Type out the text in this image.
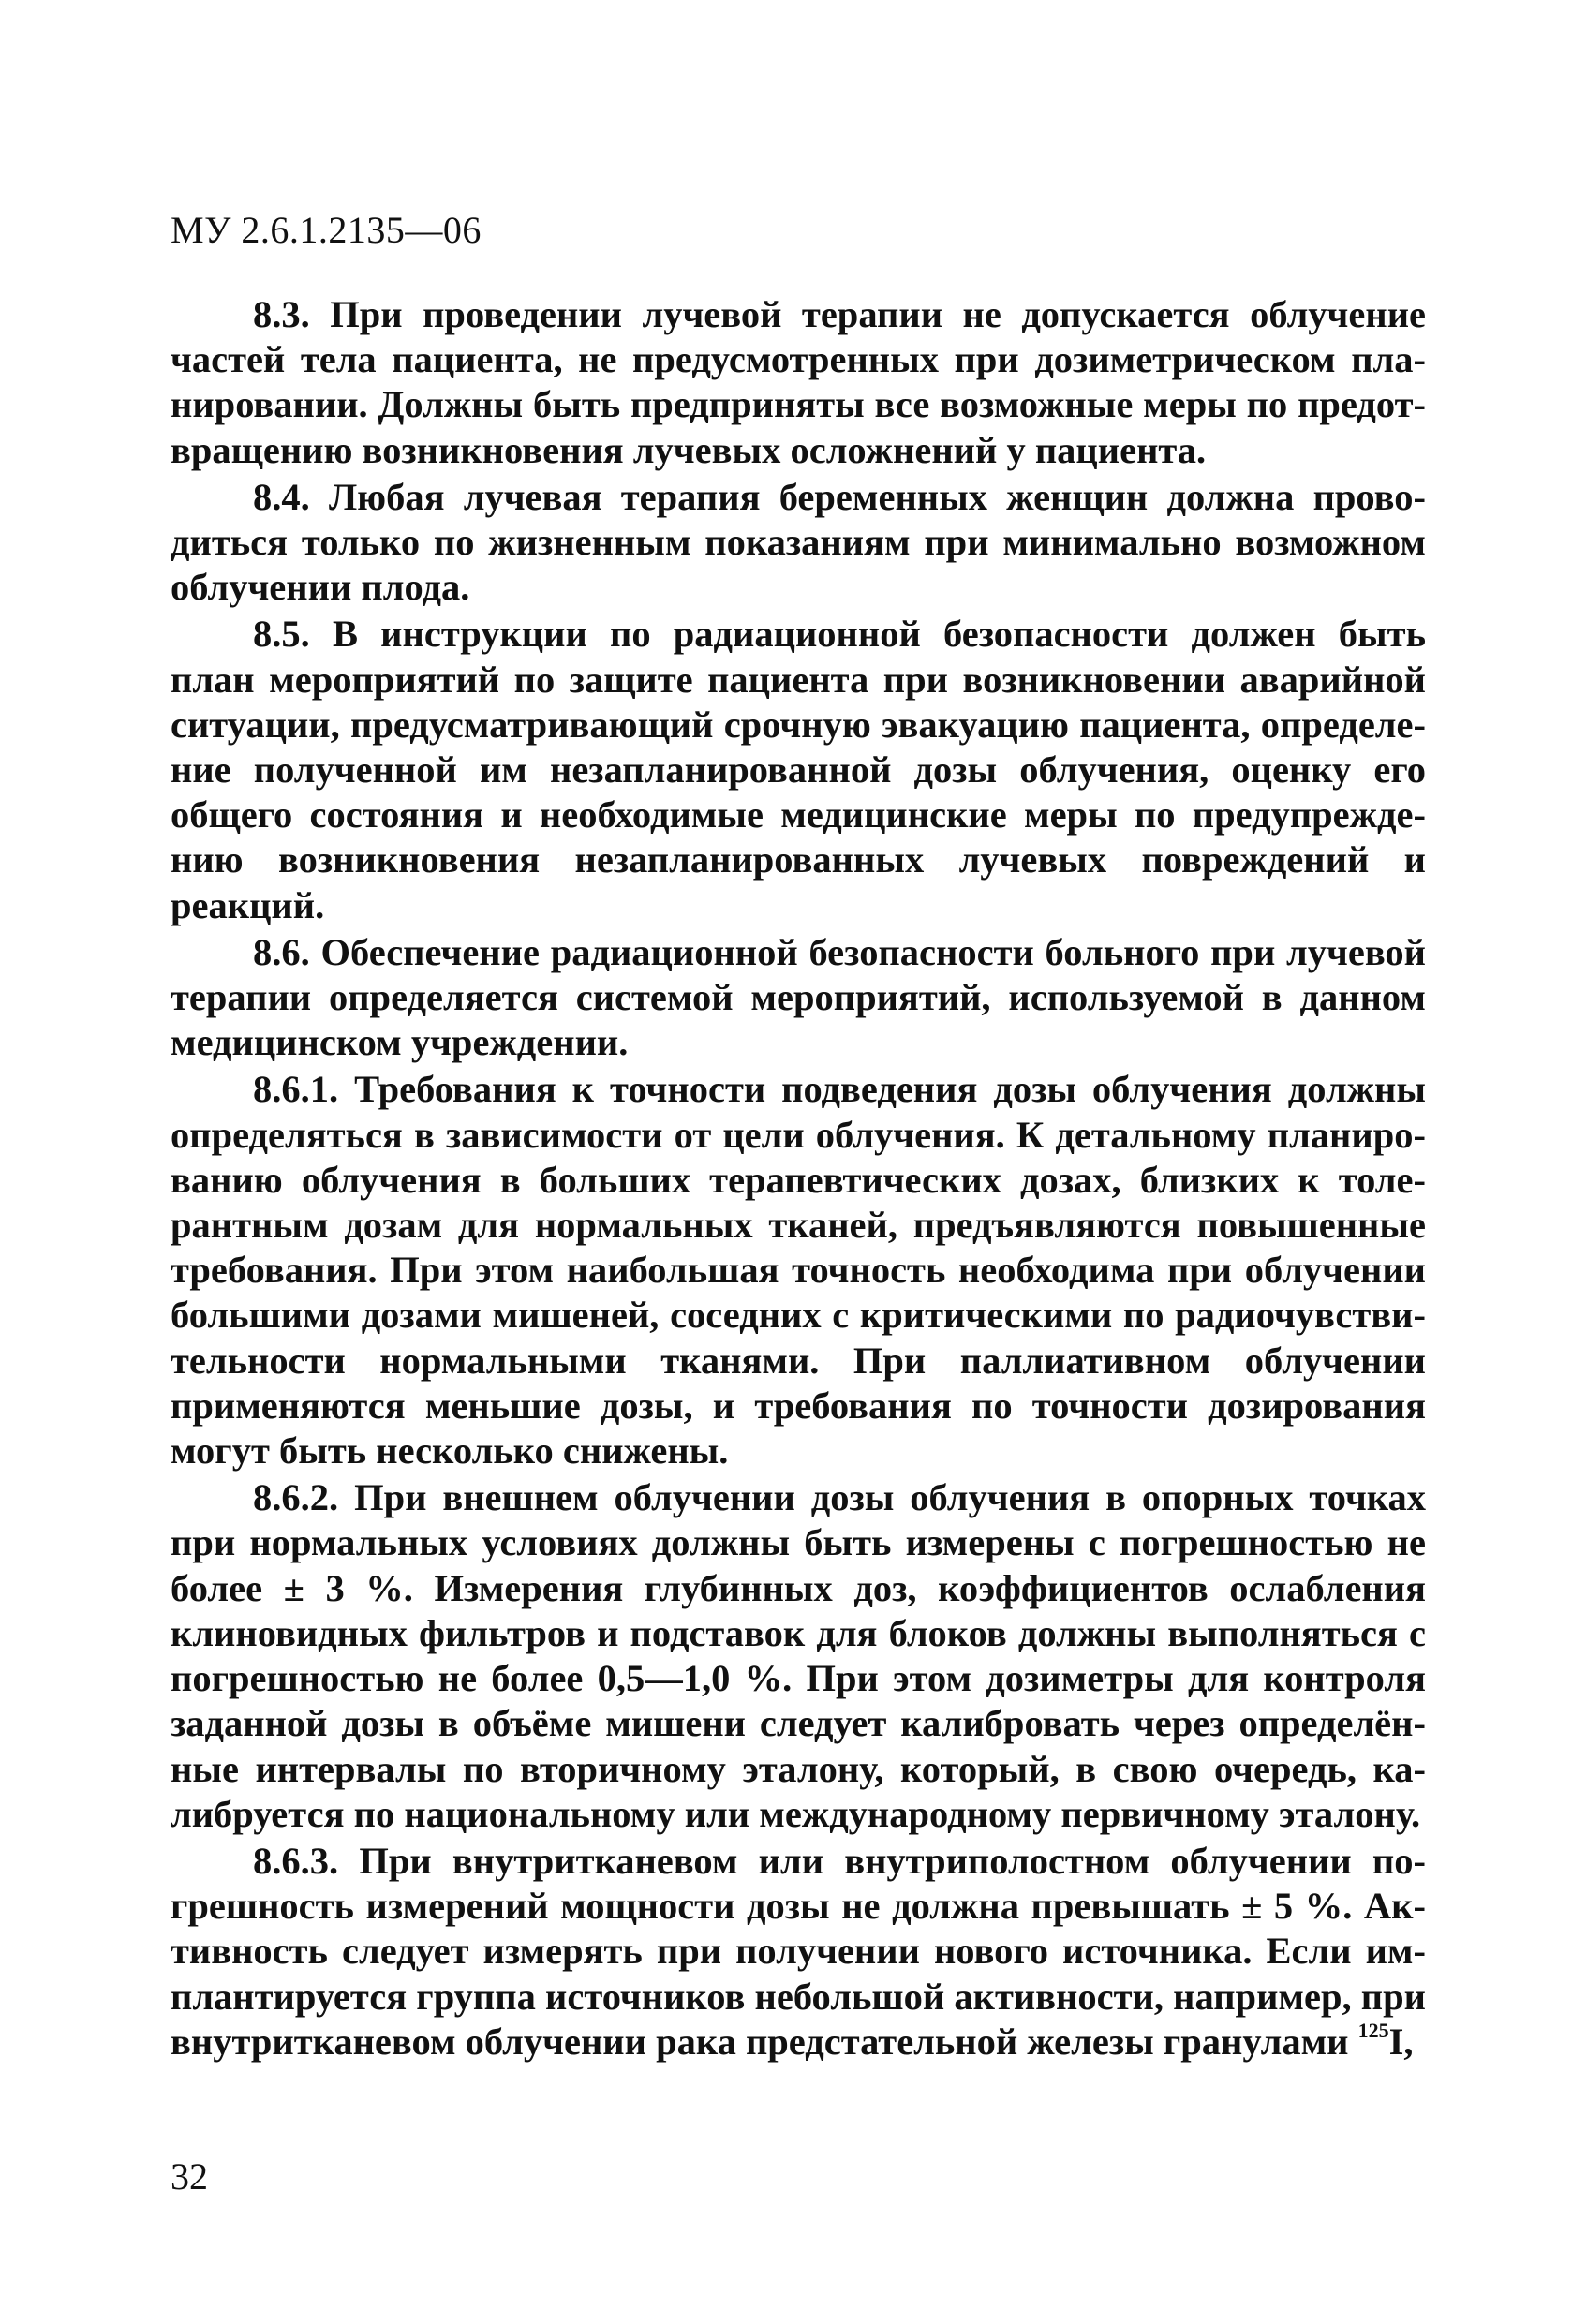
МУ 2.6.1.2135—06

8.3. При проведении лучевой терапии не допускается облучение частей тела пациента, не предусмотренных при дозиметрическом планировании. Должны быть предприняты все возможные меры по предотвращению возникновения лучевых осложнений у пациента.

8.4. Любая лучевая терапия беременных женщин должна проводиться только по жизненным показаниям при минимально возможном облучении плода.

8.5. В инструкции по радиационной безопасности должен быть план мероприятий по защите пациента при возникновении аварийной ситуации, предусматривающий срочную эвакуацию пациента, определение полученной им незапланированной дозы облучения, оценку его общего состояния и необходимые медицинские меры по предупреждению возникновения незапланированных лучевых повреждений и реакций.

8.6. Обеспечение радиационной безопасности больного при лучевой терапии определяется системой мероприятий, используемой в данном медицинском учреждении.

8.6.1. Требования к точности подведения дозы облучения должны определяться в зависимости от цели облучения. К детальному планированию облучения в больших терапевтических дозах, близких к толерантным дозам для нормальных тканей, предъявляются повышенные требования. При этом наибольшая точность необходима при облучении большими дозами мишеней, соседних с критическими по радиочувствительности нормальными тканями. При паллиативном облучении применяются меньшие дозы, и требования по точности дозирования могут быть несколько снижены.

8.6.2. При внешнем облучении дозы облучения в опорных точках при нормальных условиях должны быть измерены с погрешностью не более ± 3 %. Измерения глубинных доз, коэффициентов ослабления клиновидных фильтров и подставок для блоков должны выполняться с погрешностью не более 0,5—1,0 %. При этом дозиметры для контроля заданной дозы в объёме мишени следует калибровать через определённые интервалы по вторичному эталону, который, в свою очередь, калибруется по национальному или международному первичному эталону.

8.6.3. При внутритканевом или внутриполостном облучении погрешность измерений мощности дозы не должна превышать ± 5 %. Активность следует измерять при получении нового источника. Если имплантируется группа источников небольшой активности, например, при внутритканевом облучении рака предстательной железы гранулами $^{125}$I,

32
